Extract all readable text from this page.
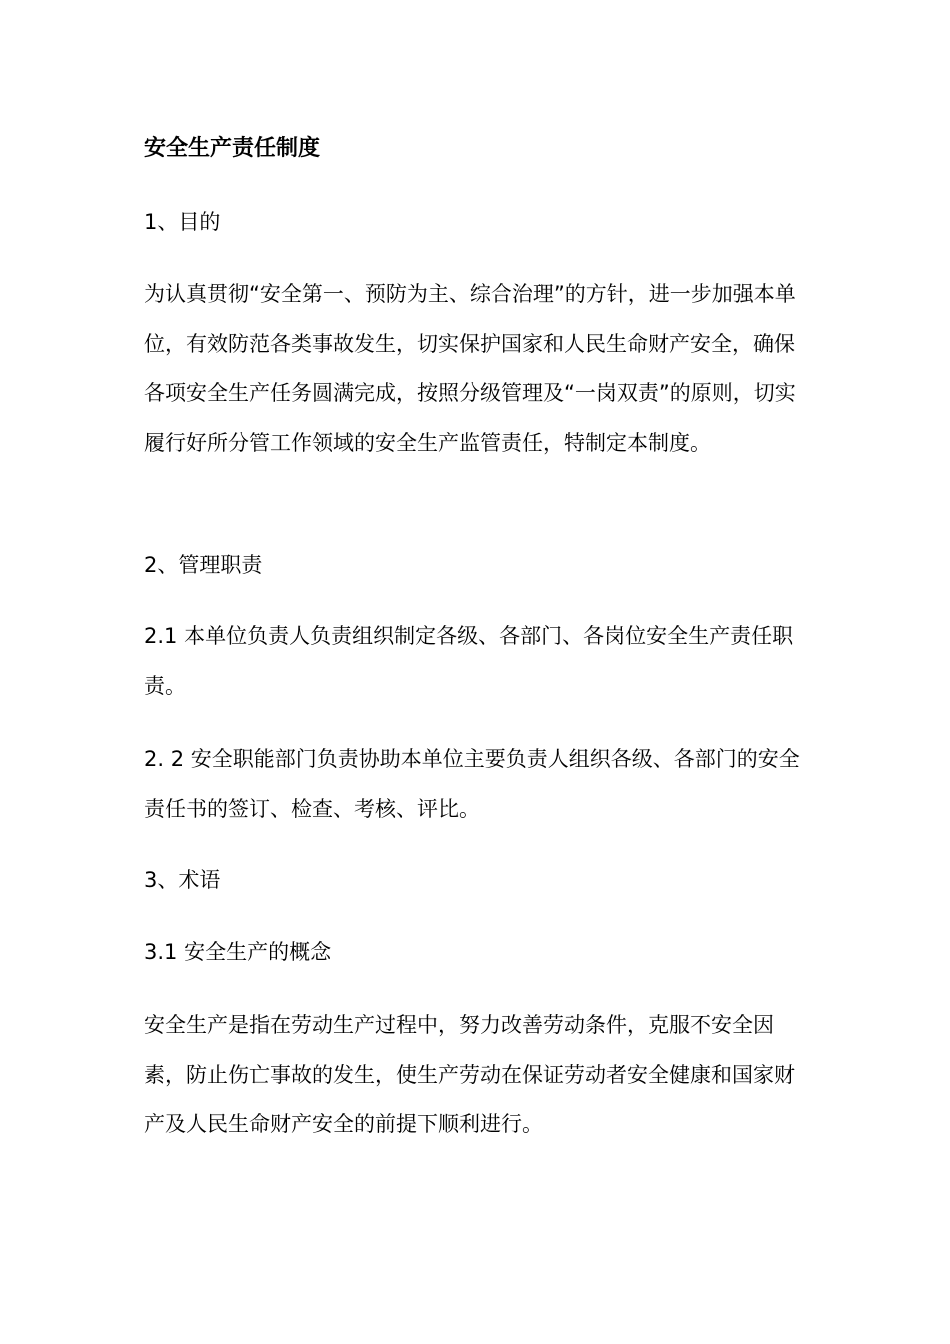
安全生产责任制度

1、目的

为认真贯彻“安全第一、预防为主、综合治理”的方针，进一步加强本单位，有效防范各类事故发生，切实保护国家和人民生命财产安全，确保各项安全生产任务圆满完成，按照分级管理及“一岗双责”的原则，切实履行好所分管工作领域的安全生产监管责任，特制定本制度。

2、管理职责

2.1 本单位负责人负责组织制定各级、各部门、各岗位安全生产责任职责。

2. 2 安全职能部门负责协助本单位主要负责人组织各级、各部门的安全责任书的签订、检查、考核、评比。

3、术语

3.1 安全生产的概念

安全生产是指在劳动生产过程中，努力改善劳动条件，克服不安全因素，防止伤亡事故的发生，使生产劳动在保证劳动者安全健康和国家财产及人民生命财产安全的前提下顺利进行。
